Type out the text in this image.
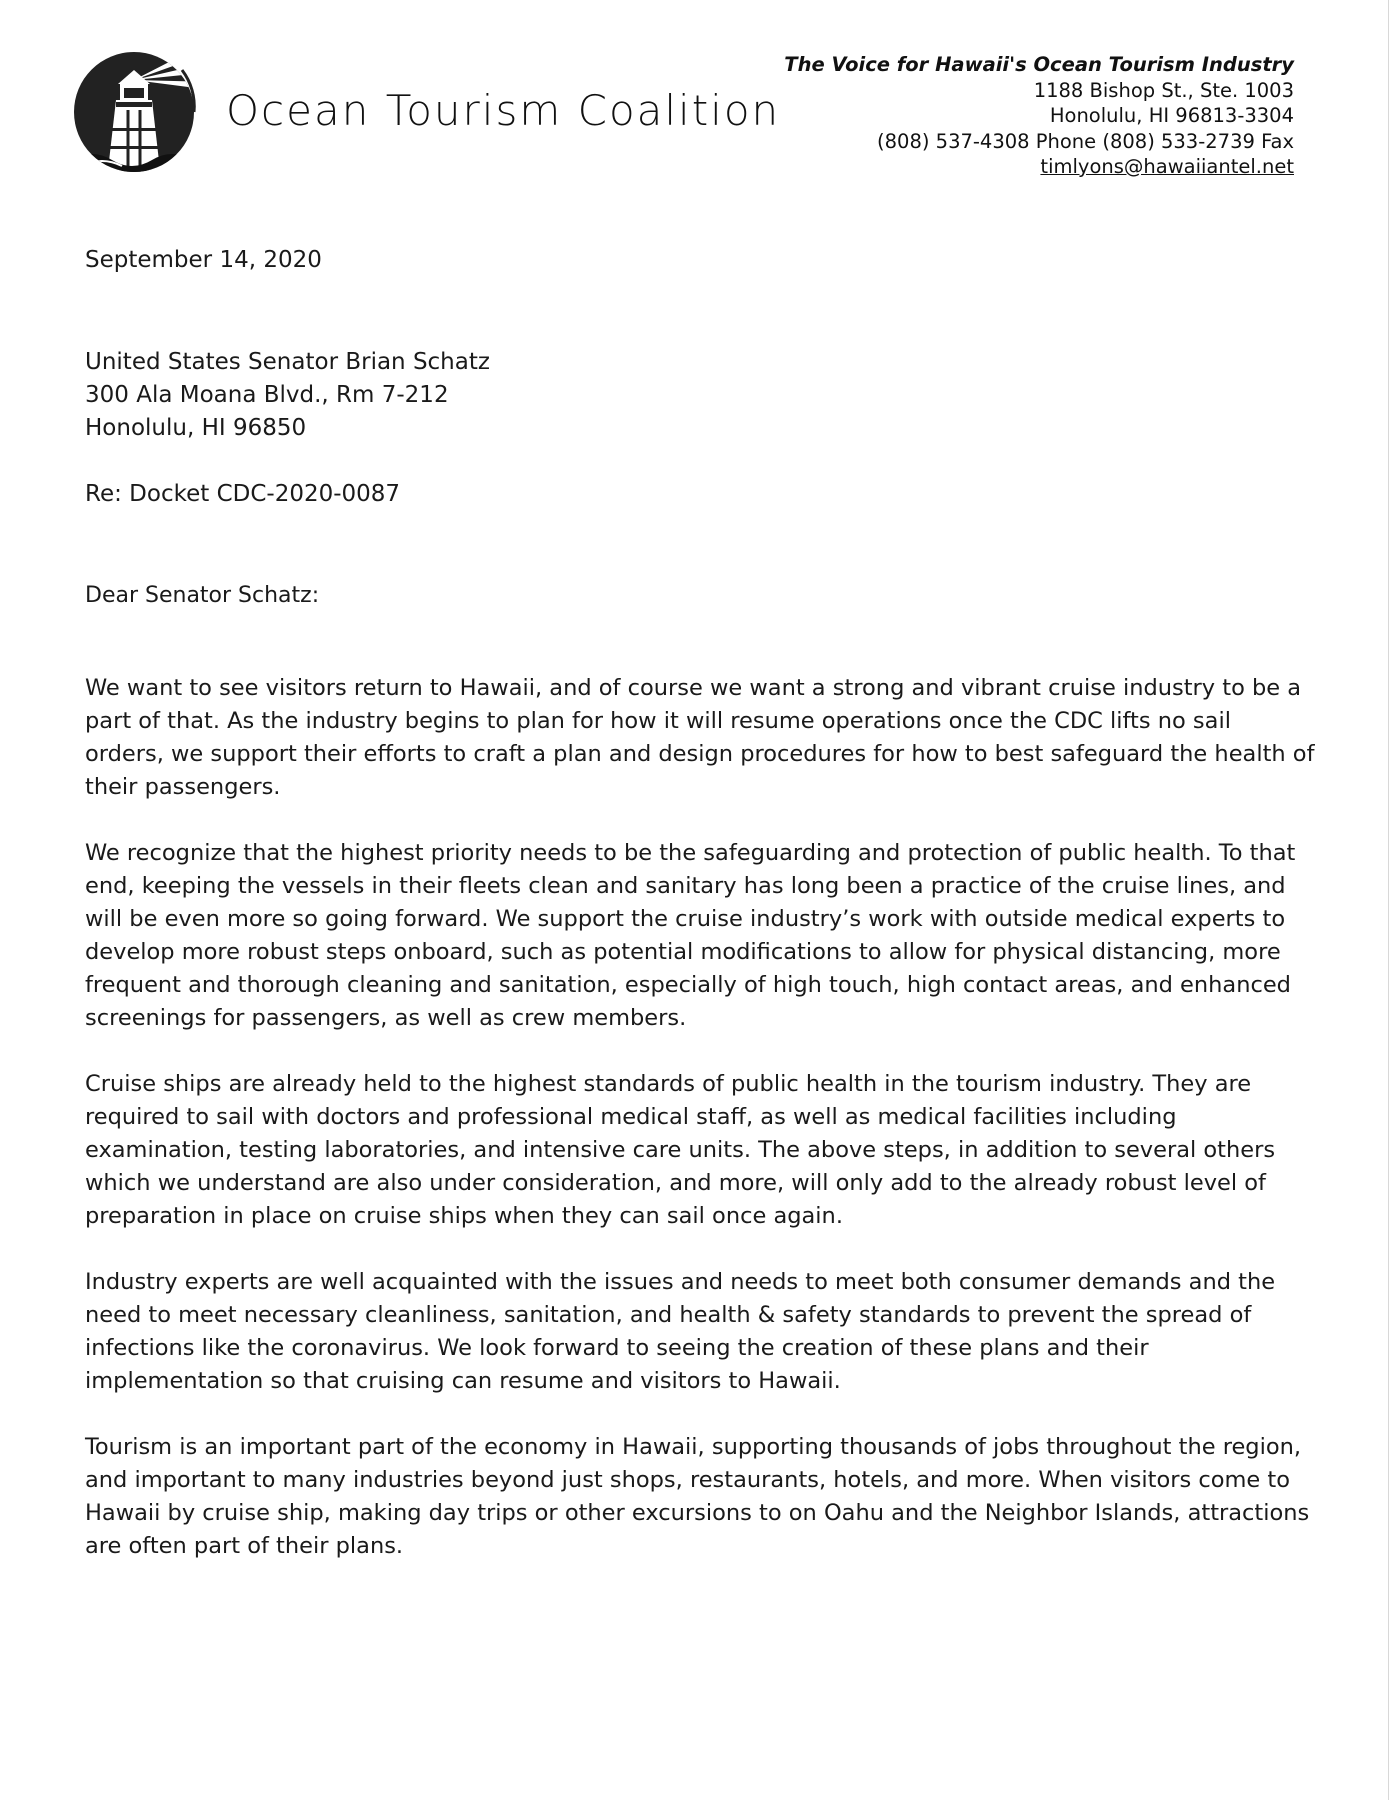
Ocean Tourism Coalition
The Voice for Hawaii's Ocean Tourism Industry
1188 Bishop St., Ste. 1003
Honolulu, HI 96813-3304
(808) 537-4308 Phone (808) 533-2739 Fax
timlyons@hawaiiantel.net
September 14, 2020
United States Senator Brian Schatz
300 Ala Moana Blvd., Rm 7-212
Honolulu, HI 96850
Re: Docket CDC-2020-0087
Dear Senator Schatz:

We want to see visitors return to Hawaii, and of course we want a strong and vibrant cruise industry to be a part of that. As the industry begins to plan for how it will resume operations once the CDC lifts no sail orders, we support their efforts to craft a plan and design procedures for how to best safeguard the health of their passengers.

We recognize that the highest priority needs to be the safeguarding and protection of public health. To that end, keeping the vessels in their fleets clean and sanitary has long been a practice of the cruise lines, and will be even more so going forward. We support the cruise industry’s work with outside medical experts to develop more robust steps onboard, such as potential modifications to allow for physical distancing, more frequent and thorough cleaning and sanitation, especially of high touch, high contact areas, and enhanced screenings for passengers, as well as crew members.

Cruise ships are already held to the highest standards of public health in the tourism industry. They are required to sail with doctors and professional medical staff, as well as medical facilities including examination, testing laboratories, and intensive care units. The above steps, in addition to several others which we understand are also under consideration, and more, will only add to the already robust level of preparation in place on cruise ships when they can sail once again.

Industry experts are well acquainted with the issues and needs to meet both consumer demands and the need to meet necessary cleanliness, sanitation, and health & safety standards to prevent the spread of infections like the coronavirus. We look forward to seeing the creation of these plans and their implementation so that cruising can resume and visitors to Hawaii.

Tourism is an important part of the economy in Hawaii, supporting thousands of jobs throughout the region, and important to many industries beyond just shops, restaurants, hotels, and more. When visitors come to Hawaii by cruise ship, making day trips or other excursions to on Oahu and the Neighbor Islands, attractions are often part of their plans.
